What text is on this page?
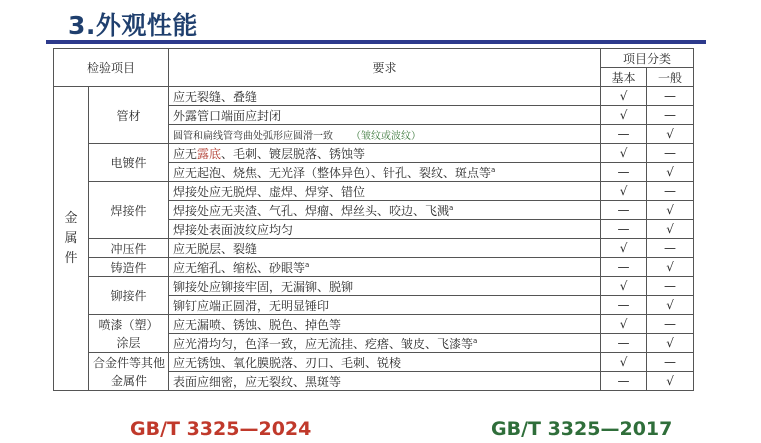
3.外观性能
检验项目		要求	项目分类	
			基本	一般
金属件	管材	应无裂缝、叠缝	√	—
		外露管口端面应封闭	√	—
		圆管和扁线管弯曲处弧形应圆滑一致 （皱纹或波纹）	—	√
	电镀件	应无露底、毛刺、镀层脱落、锈蚀等	√	—
		应无起泡、烧焦、无光泽（整体异色）、针孔、裂纹、斑点等$^a$	—	√
	焊接件	焊接处应无脱焊、虚焊、焊穿、错位	√	—
		焊接处应无夹渣、气孔、焊瘤、焊丝头、咬边、飞溅$^a$	—	√
		焊接处表面波纹应均匀	—	√
	冲压件	应无脱层、裂缝	√	—
	铸造件	应无缩孔、缩松、砂眼等$^a$	—	√
	铆接件	铆接处应铆接牢固，无漏铆、脱铆	√	—
		铆钉应端正圆滑，无明显锤印	—	√
	喷漆（塑）涂层	应无漏喷、锈蚀、脱色、掉色等	√	—
		应光滑均匀，色泽一致，应无流挂、疙瘩、皱皮、飞漆等$^a$	—	√
	合金件等其他金属件	应无锈蚀、氧化膜脱落、刃口、毛刺、锐棱	√	—
		表面应细密，应无裂纹、黑斑等	—	√
GB/T 3325—2024	GB/T 3325—2017
